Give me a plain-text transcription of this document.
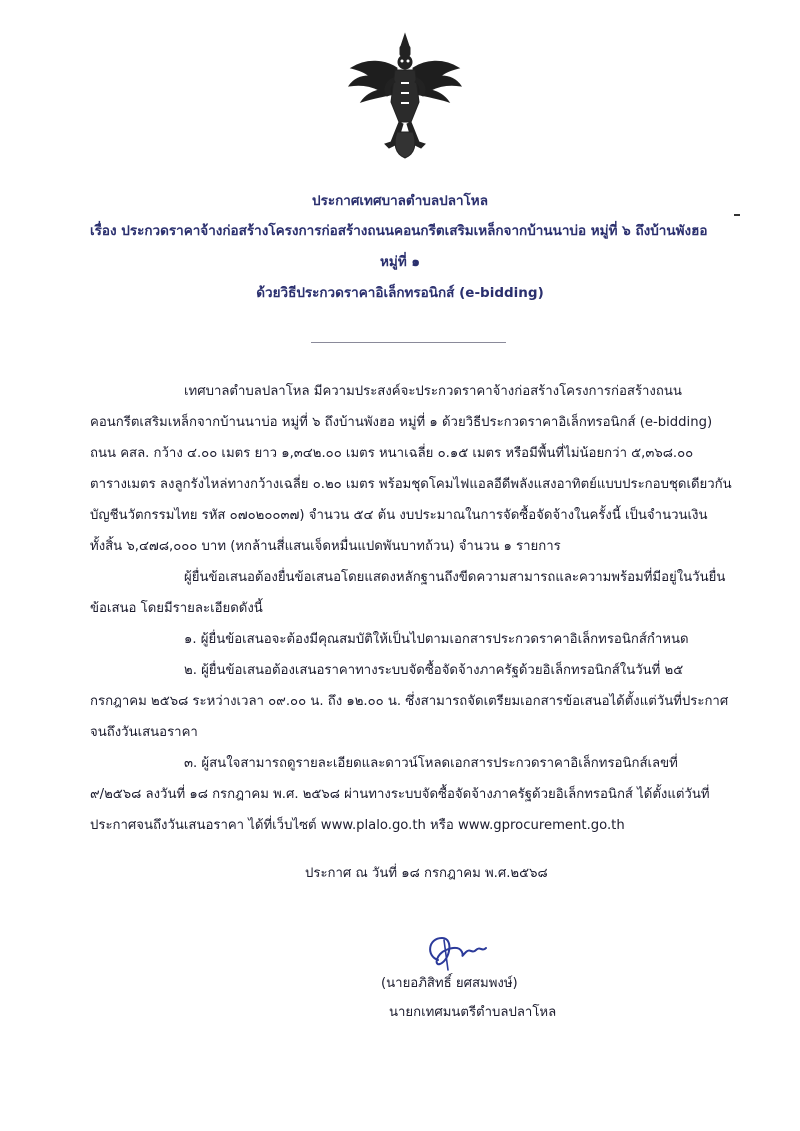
ประกาศเทศบาลตำบลปลาโหล
เรื่อง ประกวดราคาจ้างก่อสร้างโครงการก่อสร้างถนนคอนกรีตเสริมเหล็กจากบ้านนาบ่อ หมู่ที่ ๖ ถึงบ้านพังฮอ
หมู่ที่ ๑
ด้วยวิธีประกวดราคาอิเล็กทรอนิกส์ (e-bidding)
เทศบาลตำบลปลาโหล มีความประสงค์จะประกวดราคาจ้างก่อสร้างโครงการก่อสร้างถนน
คอนกรีตเสริมเหล็กจากบ้านนาบ่อ หมู่ที่ ๖ ถึงบ้านพังฮอ หมู่ที่ ๑ ด้วยวิธีประกวดราคาอิเล็กทรอนิกส์ (e-bidding)
ถนน คสล. กว้าง ๔.๐๐ เมตร ยาว ๑,๓๔๒.๐๐ เมตร หนาเฉลี่ย ๐.๑๕ เมตร หรือมีพื้นที่ไม่น้อยกว่า ๕,๓๖๘.๐๐
ตารางเมตร ลงลูกรังไหล่ทางกว้างเฉลี่ย ๐.๒๐ เมตร พร้อมชุดโคมไฟแอลอีดีพลังแสงอาทิตย์แบบประกอบชุดเดียวกัน
บัญชีนวัตกรรมไทย รหัส ๐๗๐๒๐๐๓๗) จำนวน ๕๔ ต้น งบประมาณในการจัดซื้อจัดจ้างในครั้งนี้ เป็นจำนวนเงิน
ทั้งสิ้น ๖,๔๗๘,๐๐๐ บาท (หกล้านสี่แสนเจ็ดหมื่นแปดพันบาทถ้วน) จำนวน ๑ รายการ
ผู้ยื่นข้อเสนอต้องยื่นข้อเสนอโดยแสดงหลักฐานถึงขีดความสามารถและความพร้อมที่มีอยู่ในวันยื่น
ข้อเสนอ โดยมีรายละเอียดดังนี้
๑. ผู้ยื่นข้อเสนอจะต้องมีคุณสมบัติให้เป็นไปตามเอกสารประกวดราคาอิเล็กทรอนิกส์กำหนด
๒. ผู้ยื่นข้อเสนอต้องเสนอราคาทางระบบจัดซื้อจัดจ้างภาครัฐด้วยอิเล็กทรอนิกส์ในวันที่ ๒๕
กรกฎาคม ๒๕๖๘ ระหว่างเวลา ๐๙.๐๐ น. ถึง ๑๒.๐๐ น. ซึ่งสามารถจัดเตรียมเอกสารข้อเสนอได้ตั้งแต่วันที่ประกาศ
จนถึงวันเสนอราคา
๓. ผู้สนใจสามารถดูรายละเอียดและดาวน์โหลดเอกสารประกวดราคาอิเล็กทรอนิกส์เลขที่
๙/๒๕๖๘ ลงวันที่ ๑๘ กรกฎาคม พ.ศ. ๒๕๖๘ ผ่านทางระบบจัดซื้อจัดจ้างภาครัฐด้วยอิเล็กทรอนิกส์ ได้ตั้งแต่วันที่
ประกาศจนถึงวันเสนอราคา ได้ที่เว็บไซต์ www.plalo.go.th หรือ www.gprocurement.go.th
ประกาศ ณ วันที่ ๑๘ กรกฎาคม พ.ศ.๒๕๖๘
(นายอภิสิทธิ์ ยศสมพงษ์)
นายกเทศมนตรีตำบลปลาโหล
